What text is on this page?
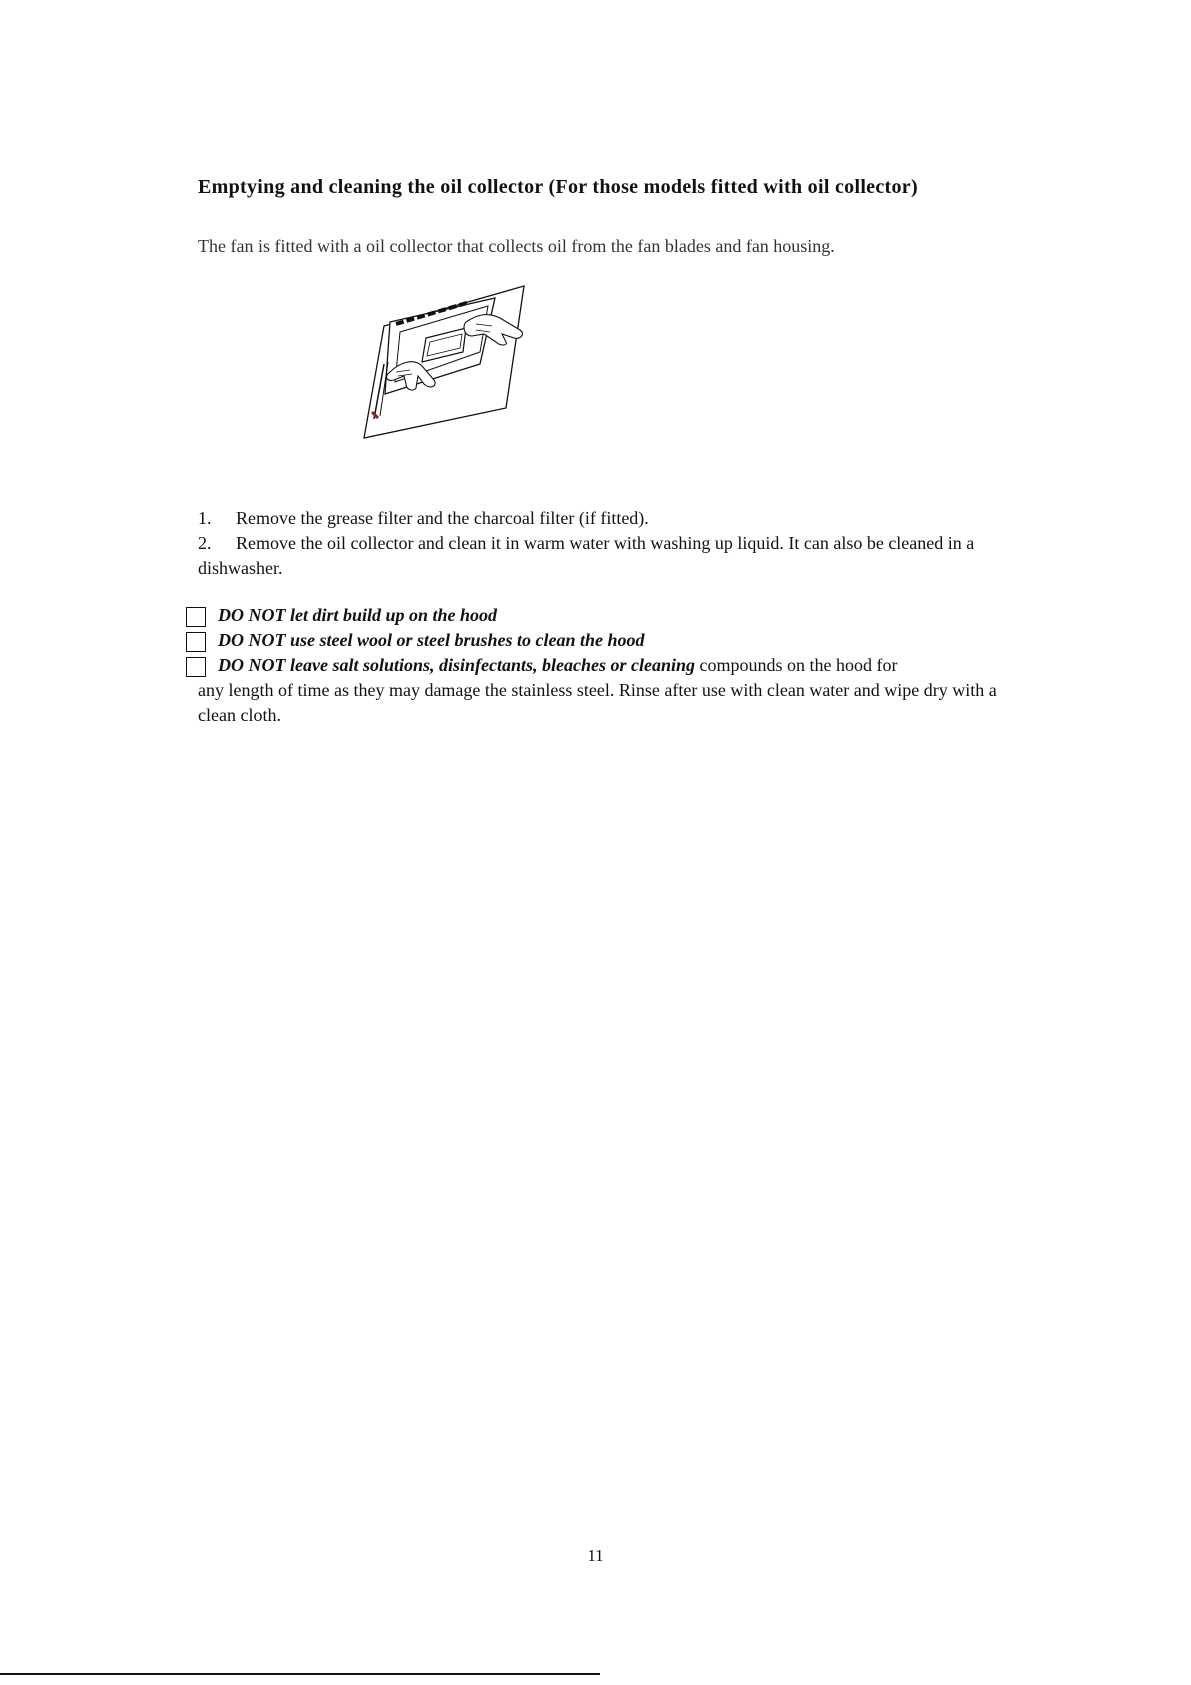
Emptying and cleaning the oil collector (For those models fitted with oil collector)

The fan is fitted with a oil collector that collects oil from the fan blades and fan housing.

1. Remove the grease filter and the charcoal filter (if fitted).
2. Remove the oil collector and clean it in warm water with washing up liquid. It can also be cleaned in a dishwasher.
DO NOT let dirt build up on the hood
DO NOT use steel wool or steel brushes to clean the hood
DO NOT leave salt solutions, disinfectants, bleaches or cleaning compounds on the hood for
any length of time as they may damage the stainless steel. Rinse after use with clean water and wipe dry with a clean cloth.
11
